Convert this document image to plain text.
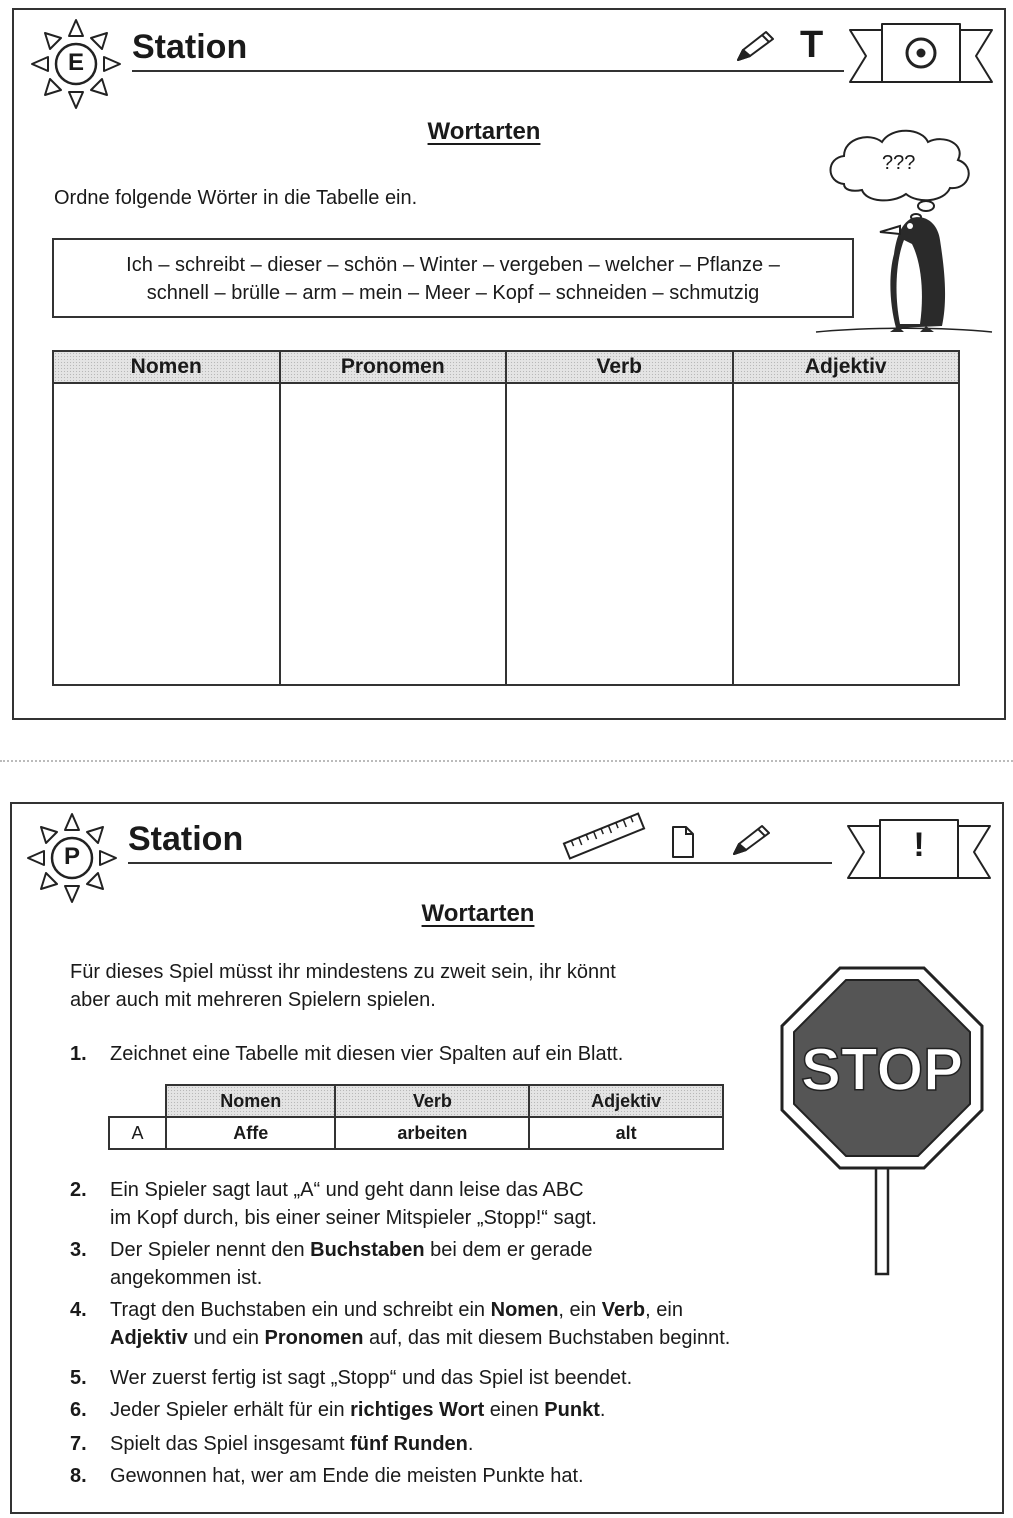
E	Station	T
Wortarten
Ordne folgende Wörter in die Tabelle ein.
Ich – schreibt – dieser – schön – Winter – vergeben – welcher – Pflanze –
schnell – brülle – arm – mein – Meer – Kopf – schneiden – schmutzig
???
Nomen	Pronomen	Verb	Adjektiv

P	Station	!
Wortarten
Für dieses Spiel müsst ihr mindestens zu zweit sein, ihr könnt
aber auch mit mehreren Spielern spielen.
STOP
1. Zeichnet eine Tabelle mit diesen vier Spalten auf ein Blatt.
2. Ein Spieler sagt laut „A“ und geht dann leise das ABC
im Kopf durch, bis einer seiner Mitspieler „Stopp!“ sagt.
3. Der Spieler nennt den Buchstaben bei dem er gerade
angekommen ist.
4. Tragt den Buchstaben ein und schreibt ein Nomen, ein Verb, ein
Adjektiv und ein Pronomen auf, das mit diesem Buchstaben beginnt.
5. Wer zuerst fertig ist sagt „Stopp“ und das Spiel ist beendet.
6. Jeder Spieler erhält für ein richtiges Wort einen Punkt.
7. Spielt das Spiel insgesamt fünf Runden.
8. Gewonnen hat, wer am Ende die meisten Punkte hat.
	Nomen	Verb	Adjektiv
A	Affe	arbeiten	alt
